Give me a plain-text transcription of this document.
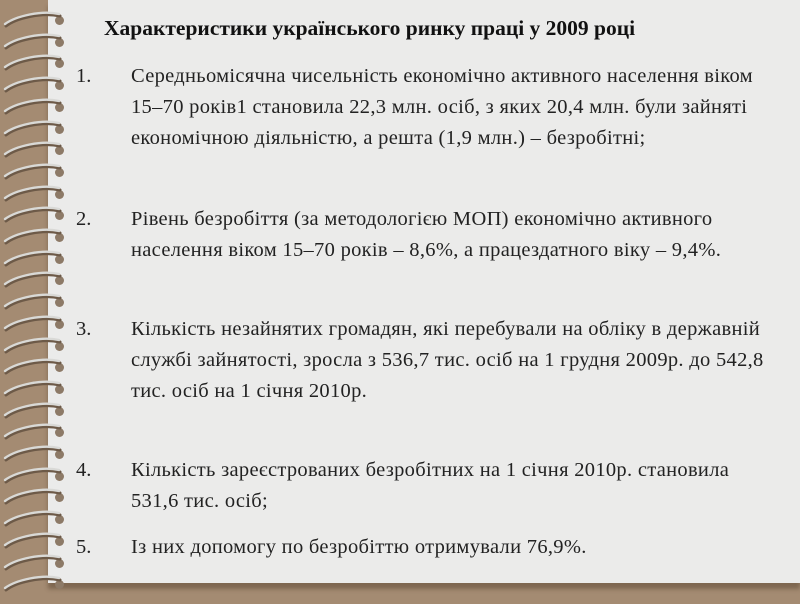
Характеристики українського ринку праці у 2009 році
1. Середньомісячна чисельність економічно активного населення віком 15–70 років1 становила 22,3 млн. осіб, з яких 20,4 млн. були зайняті економічною діяльністю, а решта (1,9 млн.) – безробітні;
2. Рівень безробіття (за методологією МОП) економічно активного населення віком 15–70 років – 8,6%, а працездатного віку – 9,4%.
3. Кількість незайнятих громадян, які перебували на обліку в державній службі зайнятості, зросла з 536,7 тис. осіб на 1 грудня 2009р. до 542,8 тис. осіб на 1 січня 2010р.
4. Кількість зареєстрованих безробітних на 1 січня 2010р. становила 531,6 тис. осіб;
5. Із них допомогу по безробіттю отримували 76,9%.
